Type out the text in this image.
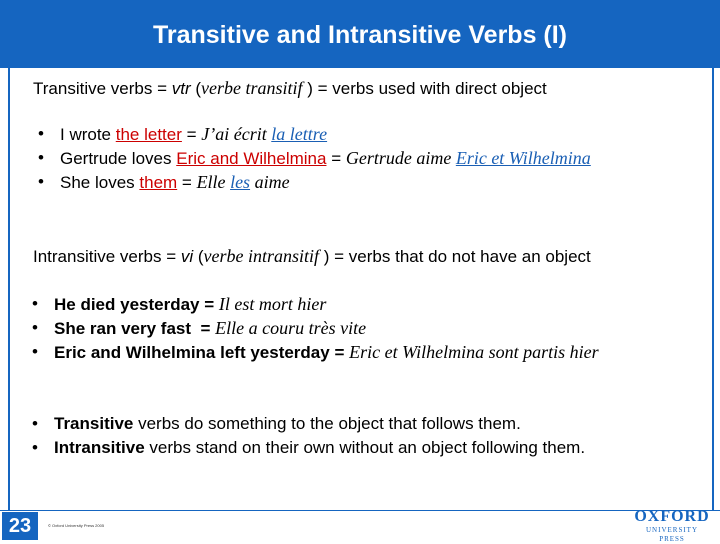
Transitive and Intransitive Verbs (I)
Transitive verbs = vtr (verbe transitif ) = verbs used with direct object
• I wrote the letter = J’ai écrit la lettre
• Gertrude loves Eric and Wilhelmina = Gertrude aime Eric et Wilhelmina
• She loves them = Elle les aime
Intransitive verbs = vi (verbe intransitif ) = verbs that do not have an object
• He died yesterday = Il est mort hier
• She ran very fast  = Elle a couru très vite
• Eric and Wilhelmina left yesterday = Eric et Wilhelmina sont partis hier
• Transitive verbs do something to the object that follows them.
• Intransitive verbs stand on their own without an object following them.
23	© Oxford University Press 2005
OXFORD
UNIVERSITY PRESS
